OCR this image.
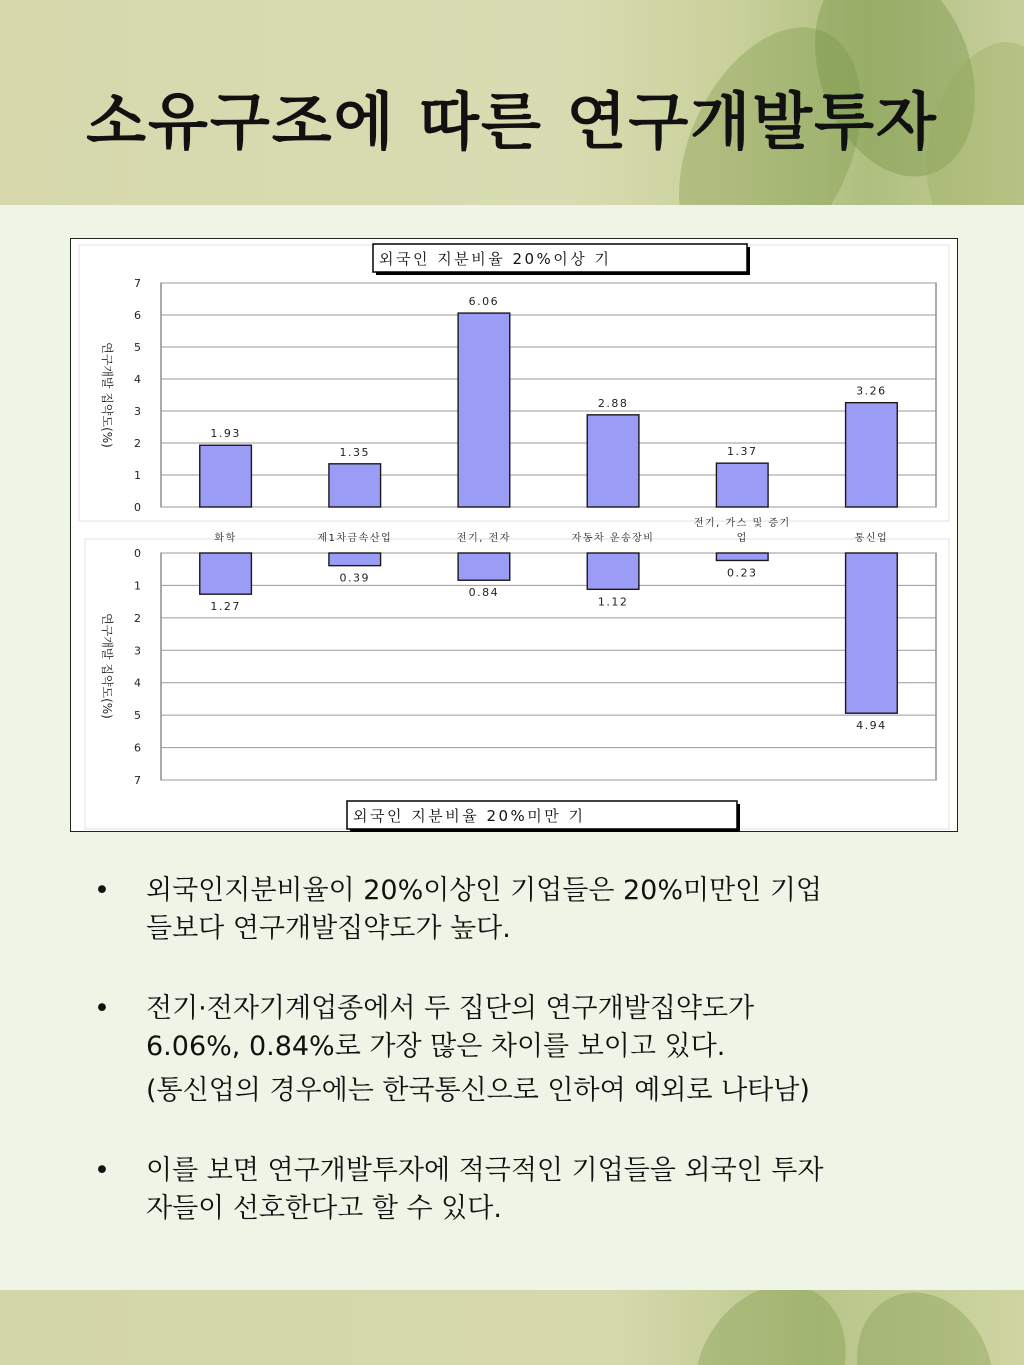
소유구조에 따른 연구개발투자
0
1
2
3
4
5
6
7
1.93
1.35
6.06
2.88
1.37
3.26
화학	제1차금속산업	전기, 전자	자동차 운송장비
전기, 가스 및 증기
업	통신업
연구개발 집약도(%)
외국인 지분비율 20%이상 기
0
1
2
3
4
5
6
7
1.27
0.39
0.84
1.12
0.23
4.94
연구개발 집약도(%)
외국인 지분비율 20%미만 기
• 외국인지분비율이 20%이상인 기업들은 20%미만인 기업

들보다 연구개발집약도가 높다.

• 전기·전자기계업종에서 두 집단의 연구개발집약도가

6.06%, 0.84%로 가장 많은 차이를 보이고 있다.

(통신업의 경우에는 한국통신으로 인하여 예외로 나타남)

• 이를 보면 연구개발투자에 적극적인 기업들을 외국인 투자

자들이 선호한다고 할 수 있다.
